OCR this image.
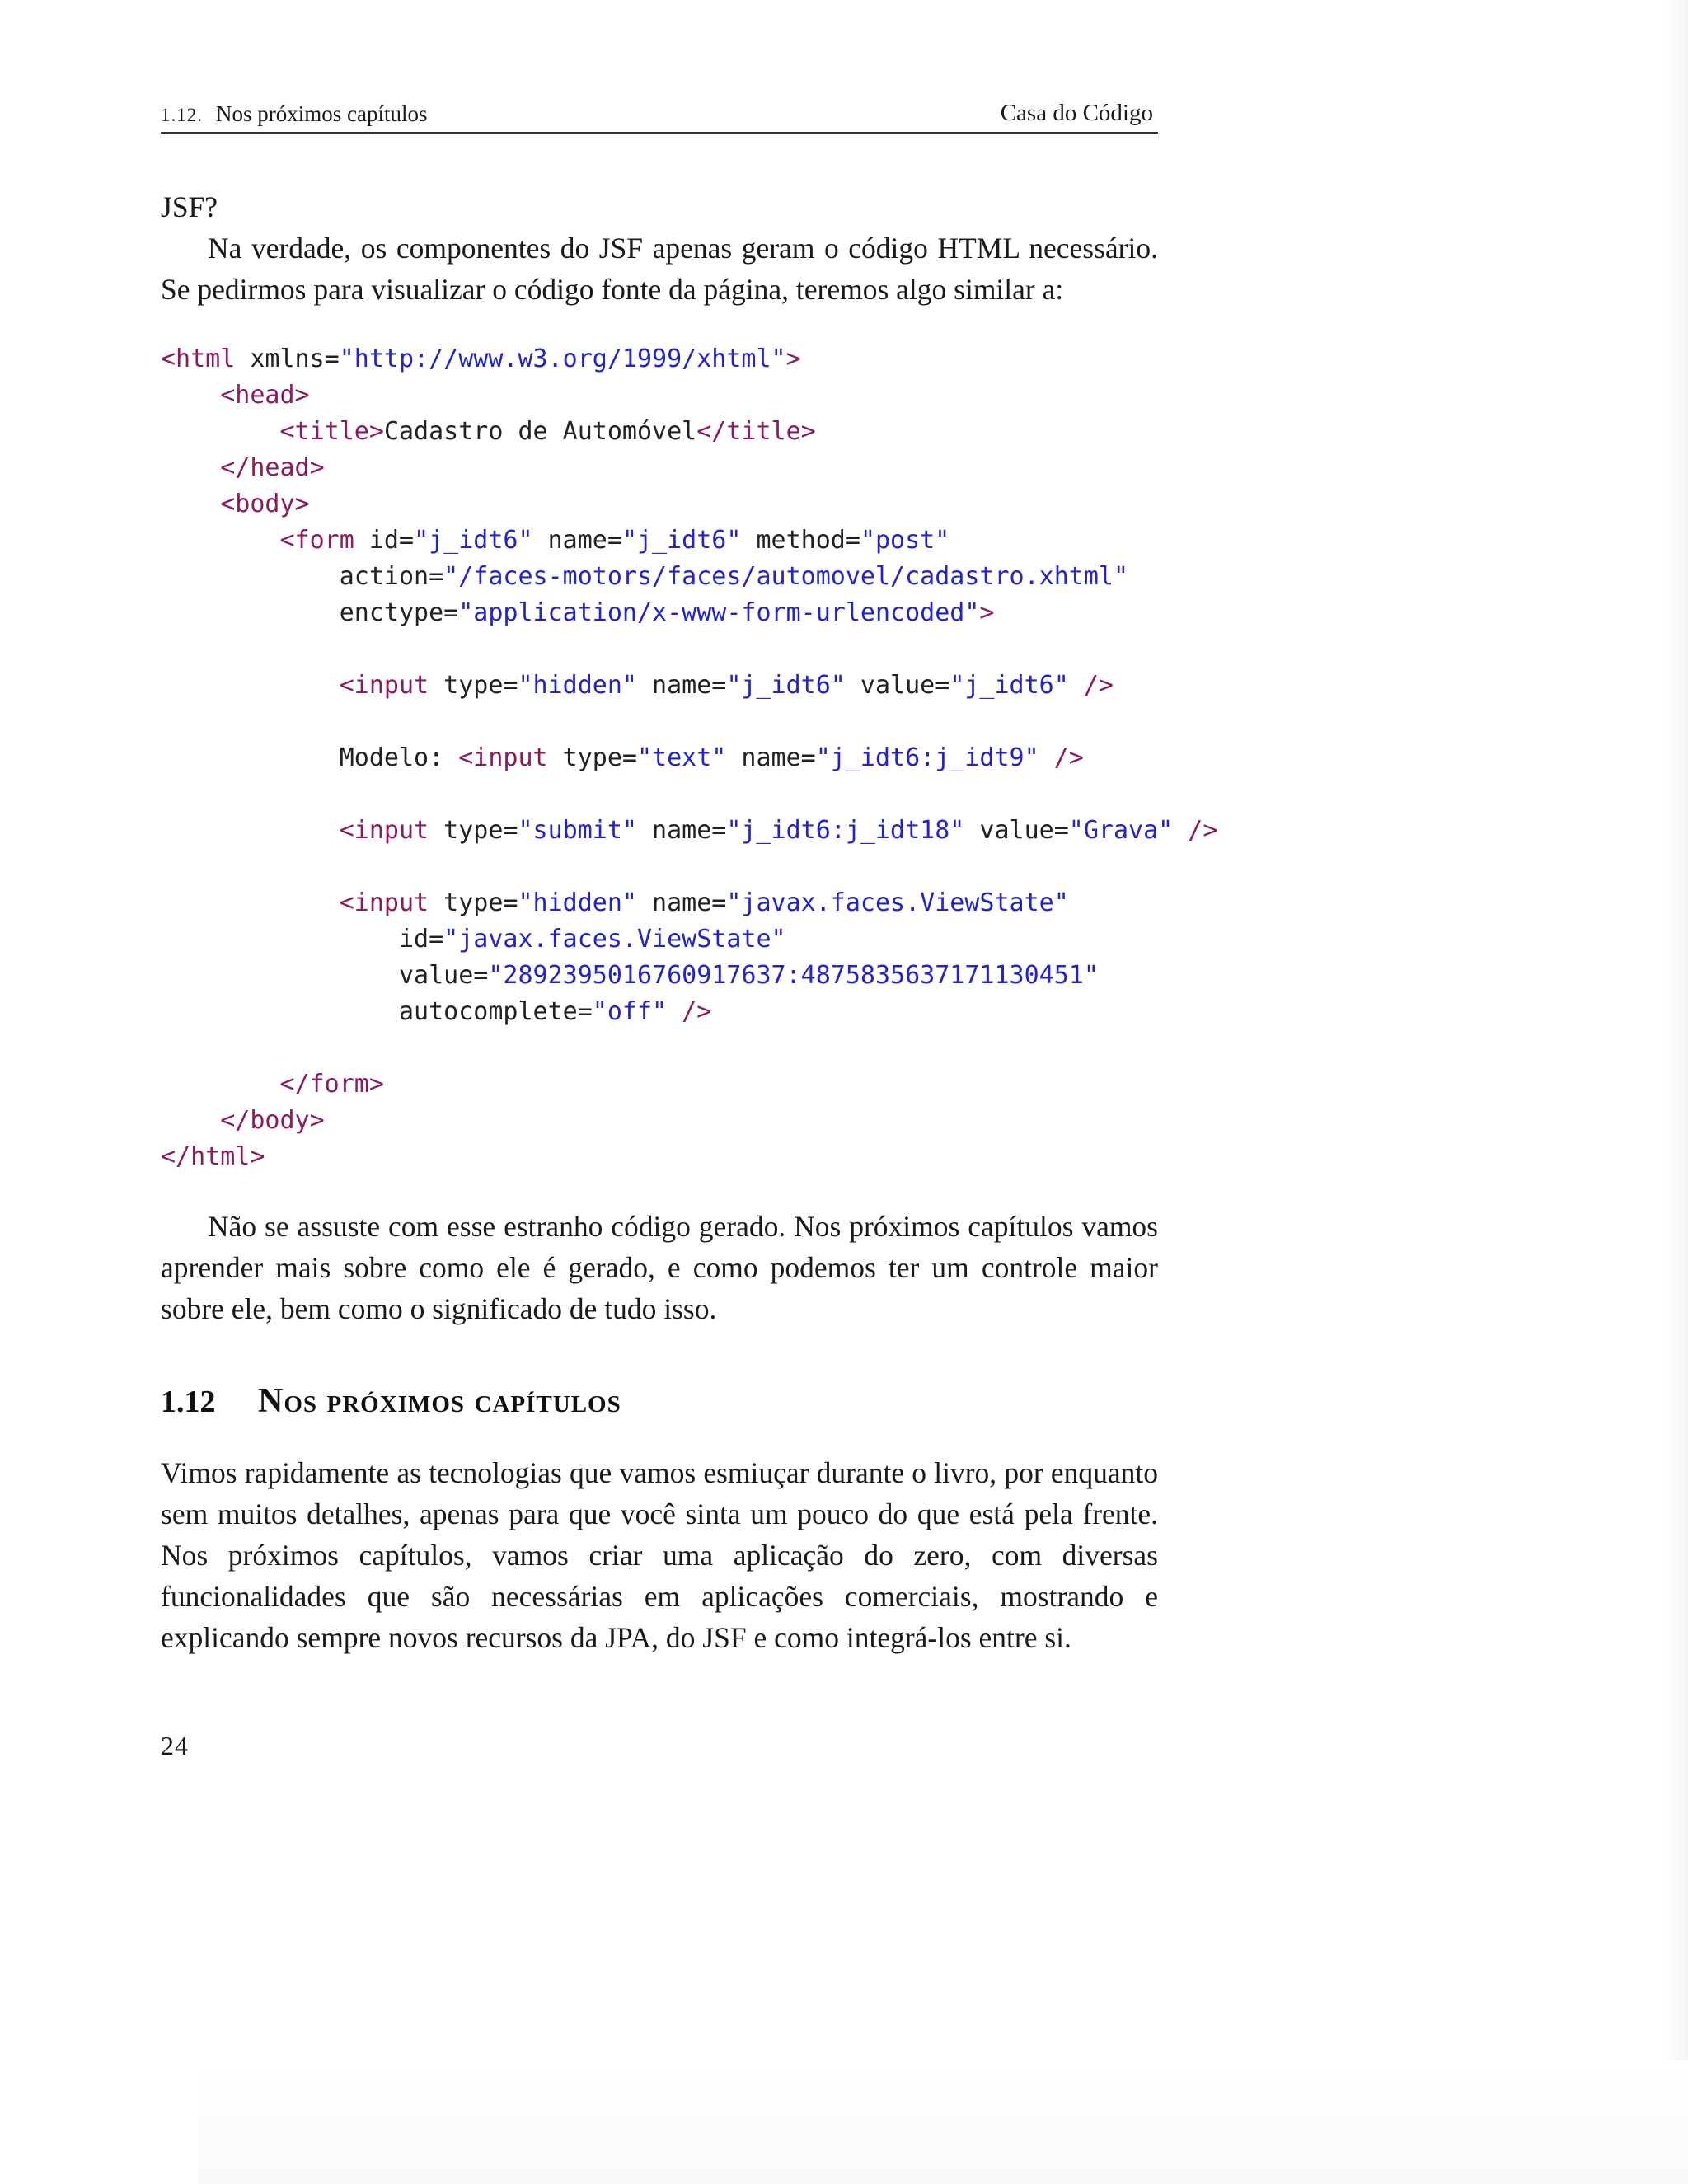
1.12. Nos próximos capítulos	Casa do Código

JSF?

Na verdade, os componentes do JSF apenas geram o código HTML necessário. Se pedirmos para visualizar o código fonte da página, teremos algo similar a:

<html xmlns="http://www.w3.org/1999/xhtml">
<head>
<title>Cadastro de Automóvel</title>
</head>
<body>
<form id="j_idt6" name="j_idt6" method="post"
action="/faces-motors/faces/automovel/cadastro.xhtml"
enctype="application/x-www-form-urlencoded">

<input type="hidden" name="j_idt6" value="j_idt6" />

Modelo: <input type="text" name="j_idt6:j_idt9" />

<input type="submit" name="j_idt6:j_idt18" value="Grava" />

<input type="hidden" name="javax.faces.ViewState"
id="javax.faces.ViewState"
value="2892395016760917637:4875835637171130451"
autocomplete="off" />

</form>
</body>
</html>

Não se assuste com esse estranho código gerado. Nos próximos capítulos vamos aprender mais sobre como ele é gerado, e como podemos ter um controle maior sobre ele, bem como o significado de tudo isso.

1.12 Nos próximos capítulos

Vimos rapidamente as tecnologias que vamos esmiuçar durante o livro, por enquanto sem muitos detalhes, apenas para que você sinta um pouco do que está pela frente. Nos próximos capítulos, vamos criar uma aplicação do zero, com diversas funcionalidades que são necessárias em aplicações comerciais, mostrando e explicando sempre novos recursos da JPA, do JSF e como integrá-los entre si.

24
